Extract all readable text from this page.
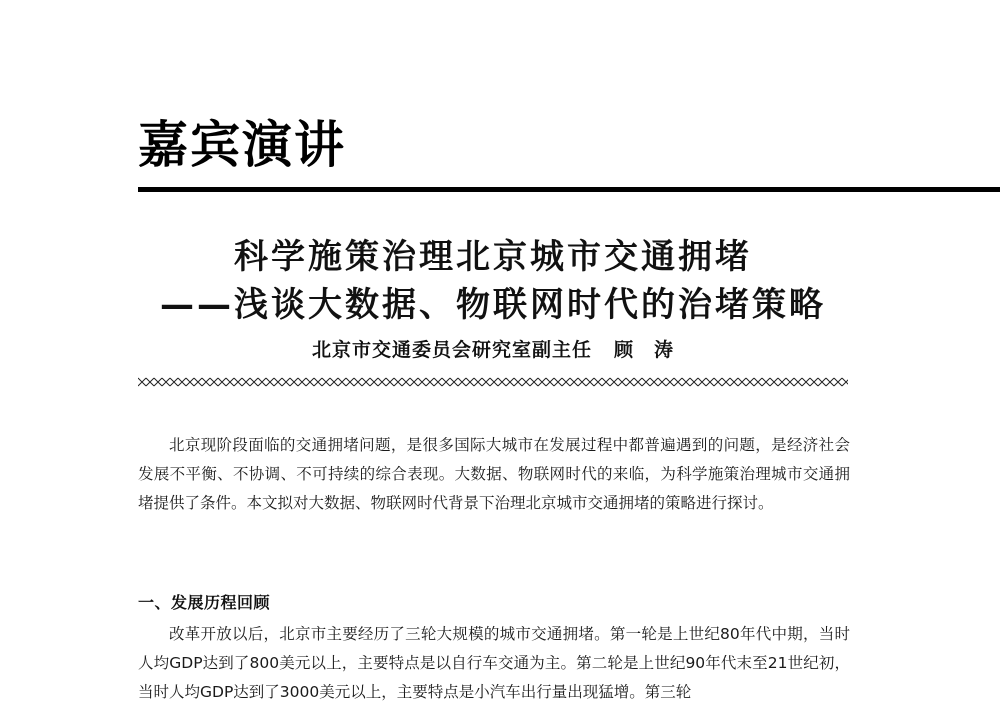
嘉宾演讲
科学施策治理北京城市交通拥堵
——浅谈大数据、物联网时代的治堵策略
北京市交通委员会研究室副主任 顾　涛
北京现阶段面临的交通拥堵问题，是很多国际大城市在发展过程中都普遍遇到的问题，是经济社会发展不平衡、不协调、不可持续的综合表现。大数据、物联网时代的来临，为科学施策治理城市交通拥堵提供了条件。本文拟对大数据、物联网时代背景下治理北京城市交通拥堵的策略进行探讨。
一、发展历程回顾
改革开放以后，北京市主要经历了三轮大规模的城市交通拥堵。第一轮是上世纪80年代中期，当时人均GDP达到了800美元以上，主要特点是以自行车交通为主。第二轮是上世纪90年代末至21世纪初，当时人均GDP达到了3000美元以上，主要特点是小汽车出行量出现猛增。第三轮
